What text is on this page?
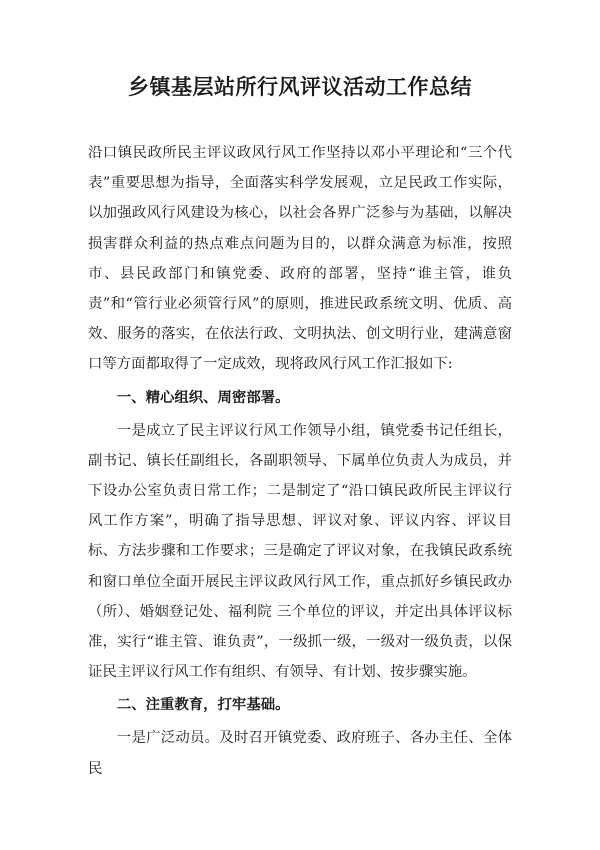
乡镇基层站所行风评议活动工作总结

沿口镇民政所民主评议政风行风工作坚持以邓小平理论和“三个代表”重要思想为指导，全面落实科学发展观，立足民政工作实际，以加强政风行风建设为核心，以社会各界广泛参与为基础，以解决损害群众利益的热点难点问题为目的，以群众满意为标准，按照市、县民政部门和镇党委、政府的部署，坚持“谁主管，谁负责”和“管行业必须管行风”的原则，推进民政系统文明、优质、高效、服务的落实，在依法行政、文明执法、创文明行业，建满意窗口等方面都取得了一定成效，现将政风行风工作汇报如下:

一、精心组织、周密部署。

一是成立了民主评议行风工作领导小组，镇党委书记任组长，副书记、镇长任副组长，各副职领导、下属单位负责人为成员，并下设办公室负责日常工作；二是制定了“沿口镇民政所民主评议行风工作方案”，明确了指导思想、评议对象、评议内容、评议目标、方法步骤和工作要求；三是确定了评议对象，在我镇民政系统和窗口单位全面开展民主评议政风行风工作，重点抓好乡镇民政办（所）、婚姻登记处、福利院 三个单位的评议，并定出具体评议标准，实行“谁主管、谁负责”，一级抓一级，一级对一级负责，以保证民主评议行风工作有组织、有领导、有计划、按步骤实施。

二、注重教育，打牢基础。

一是广泛动员。及时召开镇党委、政府班子、各办主任、全体民
